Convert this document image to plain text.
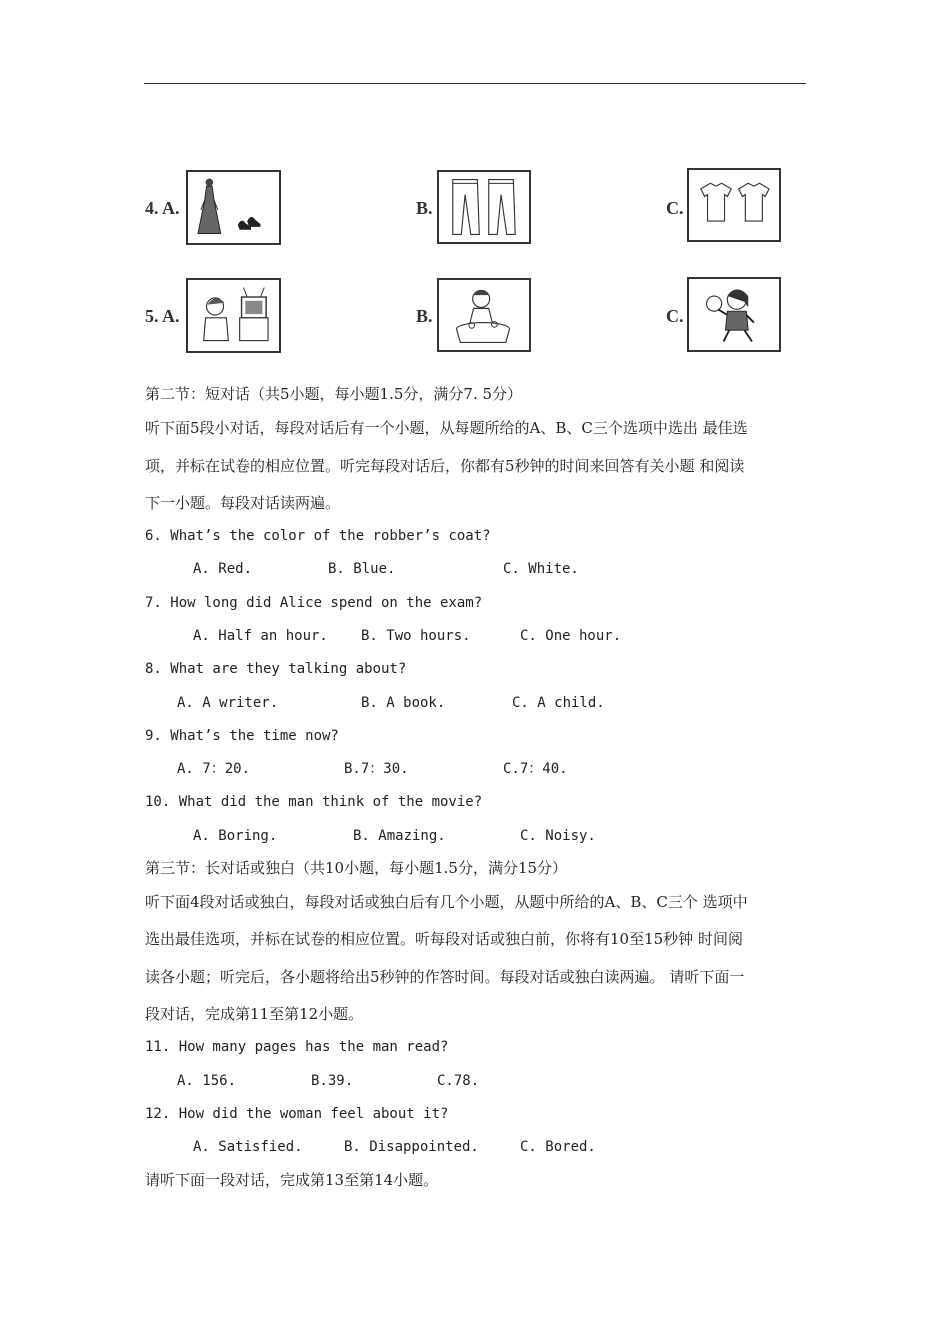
4. A.	B.	C.
5. A.	B.	C.
第二节：短对话（共5小题，每小题1.5分，满分7. 5分）
听下面5段小对话，每段对话后有一个小题，从每题所给的A、B、C三个选项中选出 最佳选
项，并标在试卷的相应位置。听完每段对话后，你都有5秒钟的时间来回答有关小题 和阅读
下一小题。每段对话读两遍。
6. What’s the color of the robber’s coat?
A. Red.	B. Blue.	C. White.
7. How long did Alice spend on the exam?
A. Half an hour. B. Two hours.	C. One hour.
8. What are they talking about?
A. A writer.	B. A book.	C. A child.
9. What’s the time now?
A. 7：20.	B.7：30.	C.7：40.
10. What did the man think of the movie?
A. Boring.	B. Amazing.	C. Noisy.
第三节：长对话或独白（共10小题，每小题1.5分，满分15分）
听下面4段对话或独白，每段对话或独白后有几个小题，从题中所给的A、B、C三个 选项中
选出最佳选项，并标在试卷的相应位置。听每段对话或独白前，你将有10至15秒钟 时间阅
读各小题；听完后，各小题将给出5秒钟的作答时间。每段对话或独白读两遍。 请听下面一
段对话，完成第11至第12小题。
11. How many pages has the man read?
A. 156.	B.39.	C.78.
12. How did the woman feel about it?
A. Satisfied.	B. Disappointed.	C. Bored.
请听下面一段对话，完成第13至第14小题。
